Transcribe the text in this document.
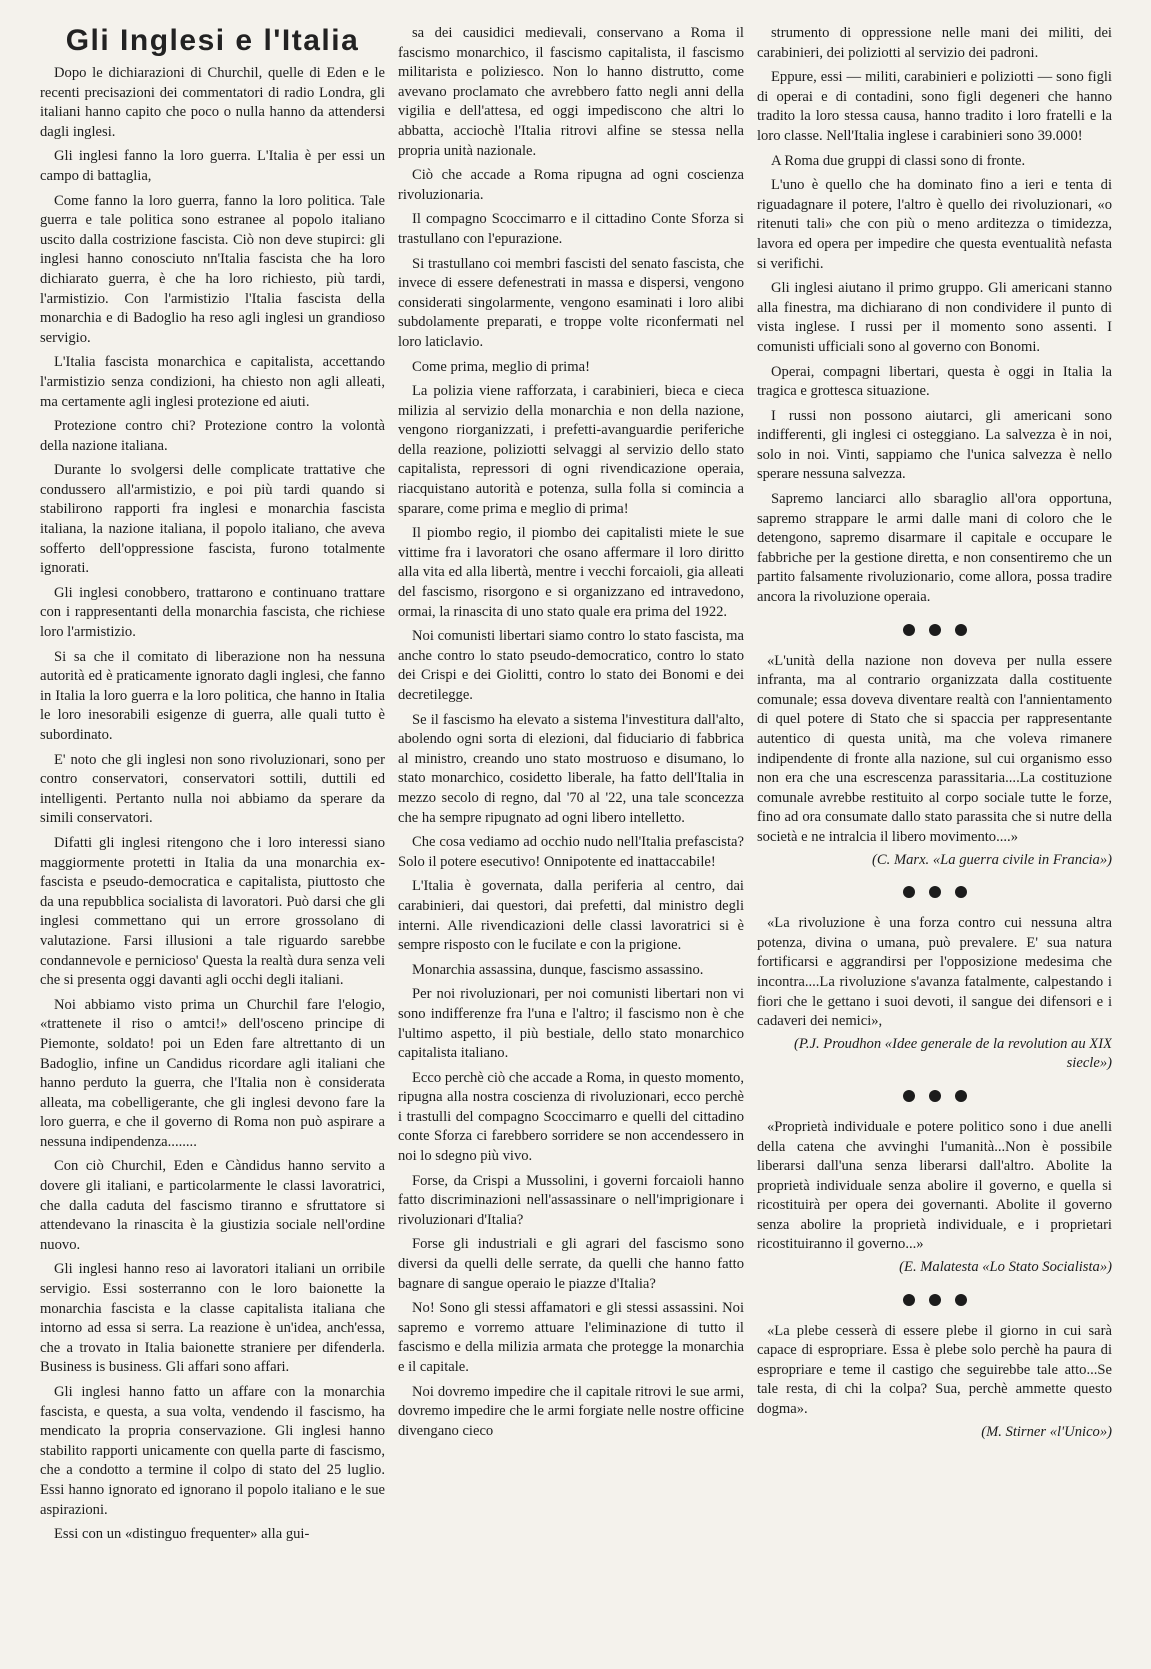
Gli Inglesi e l'Italia

Dopo le dichiarazioni di Churchil, quelle di Eden e le recenti precisazioni dei commentatori di radio Londra, gli italiani hanno capito che poco o nulla hanno da attendersi dagli inglesi.

Gli inglesi fanno la loro guerra. L'Italia è per essi un campo di battaglia,

Come fanno la loro guerra, fanno la loro politica. Tale guerra e tale politica sono estranee al popolo italiano uscito dalla costrizione fascista. Ciò non deve stupirci: gli inglesi hanno conosciuto nn'Italia fascista che ha loro dichiarato guerra, è che ha loro richiesto, più tardi, l'armistizio. Con l'armistizio l'Italia fascista della monarchia e di Badoglio ha reso agli inglesi un grandioso servigio.

L'Italia fascista monarchica e capitalista, accettando l'armistizio senza condizioni, ha chiesto non agli alleati, ma certamente agli inglesi protezione ed aiuti.

Protezione contro chi? Protezione contro la volontà della nazione italiana.

Durante lo svolgersi delle complicate trattative che condussero all'armistizio, e poi più tardi quando si stabilirono rapporti fra inglesi e monarchia fascista italiana, la nazione italiana, il popolo italiano, che aveva sofferto dell'oppressione fascista, furono totalmente ignorati.

Gli inglesi conobbero, trattarono e continuano trattare con i rappresentanti della monarchia fascista, che richiese loro l'armistizio.

Si sa che il comitato di liberazione non ha nessuna autorità ed è praticamente ignorato dagli inglesi, che fanno in Italia la loro guerra e la loro politica, che hanno in Italia le loro inesorabili esigenze di guerra, alle quali tutto è subordinato.

E' noto che gli inglesi non sono rivoluzionari, sono per contro conservatori, conservatori sottili, duttili ed intelligenti. Pertanto nulla noi abbiamo da sperare da simili conservatori.

Difatti gli inglesi ritengono che i loro interessi siano maggiormente protetti in Italia da una monarchia ex-fascista e pseudo-democratica e capitalista, piuttosto che da una repubblica socialista di lavoratori. Può darsi che gli inglesi commettano qui un errore grossolano di valutazione. Farsi illusioni a tale riguardo sarebbe condannevole e pernicioso' Questa la realtà dura senza veli che si presenta oggi davanti agli occhi degli italiani.

Noi abbiamo visto prima un Churchil fare l'elogio, «trattenete il riso o amtci!» dell'osceno principe di Piemonte, soldato! poi un Eden fare altrettanto di un Badoglio, infine un Candidus ricordare agli italiani che hanno perduto la guerra, che l'Italia non è considerata alleata, ma cobelligerante, che gli inglesi devono fare la loro guerra, e che il governo di Roma non può aspirare a nessuna indipendenza........

Con ciò Churchil, Eden e Càndidus hanno servito a dovere gli italiani, e particolarmente le classi lavoratrici, che dalla caduta del fascismo tiranno e sfruttatore si attendevano la rinascita è la giustizia sociale nell'ordine nuovo.

Gli inglesi hanno reso ai lavoratori italiani un orribile servigio. Essi sosterranno con le loro baionette la monarchia fascista e la classe capitalista italiana che intorno ad essa si serra. La reazione è un'idea, anch'essa, che a trovato in Italia baionette straniere per difenderla. Business is business. Gli affari sono affari.

Gli inglesi hanno fatto un affare con la monarchia fascista, e questa, a sua volta, vendendo il fascismo, ha mendicato la propria conservazione. Gli inglesi hanno stabilito rapporti unicamente con quella parte di fascismo, che a condotto a termine il colpo di stato del 25 luglio. Essi hanno ignorato ed ignorano il popolo italiano e le sue aspirazioni.

Essi con un «distinguo frequenter» alla gui-

sa dei causidici medievali, conservano a Roma il fascismo monarchico, il fascismo capitalista, il fascismo militarista e poliziesco. Non lo hanno distrutto, come avevano proclamato che avrebbero fatto negli anni della vigilia e dell'attesa, ed oggi impediscono che altri lo abbatta, acciochè l'Italia ritrovi alfine se stessa nella propria unità nazionale.

Ciò che accade a Roma ripugna ad ogni coscienza rivoluzionaria.

Il compagno Scoccimarro e il cittadino Conte Sforza si trastullano con l'epurazione.

Si trastullano coi membri fascisti del senato fascista, che invece di essere defenestrati in massa e dispersi, vengono considerati singolarmente, vengono esaminati i loro alibi subdolamente preparati, e troppe volte riconfermati nel loro laticlavio.

Come prima, meglio di prima!

La polizia viene rafforzata, i carabinieri, bieca e cieca milizia al servizio della monarchia e non della nazione, vengono riorganizzati, i prefetti-avanguardie periferiche della reazione, poliziotti selvaggi al servizio dello stato capitalista, repressori di ogni rivendicazione operaia, riacquistano autorità e potenza, sulla folla si comincia a sparare, come prima e meglio di prima!

Il piombo regio, il piombo dei capitalisti miete le sue vittime fra i lavoratori che osano affermare il loro diritto alla vita ed alla libertà, mentre i vecchi forcaioli, gia alleati del fascismo, risorgono e si organizzano ed intravedono, ormai, la rinascita di uno stato quale era prima del 1922.

Noi comunisti libertari siamo contro lo stato fascista, ma anche contro lo stato pseudo-democratico, contro lo stato dei Crispi e dei Giolitti, contro lo stato dei Bonomi e dei decretilegge.

Se il fascismo ha elevato a sistema l'investitura dall'alto, abolendo ogni sorta di elezioni, dal fiduciario di fabbrica al ministro, creando uno stato mostruoso e disumano, lo stato monarchico, cosidetto liberale, ha fatto dell'Italia in mezzo secolo di regno, dal '70 al '22, una tale sconcezza che ha sempre ripugnato ad ogni libero intelletto.

Che cosa vediamo ad occhio nudo nell'Italia prefascista? Solo il potere esecutivo! Onnipotente ed inattaccabile!

L'Italia è governata, dalla periferia al centro, dai carabinieri, dai questori, dai prefetti, dal ministro degli interni. Alle rivendicazioni delle classi lavoratrici si è sempre risposto con le fucilate e con la prigione.

Monarchia assassina, dunque, fascismo assassino.

Per noi rivoluzionari, per noi comunisti libertari non vi sono indifferenze fra l'una e l'altro; il fascismo non è che l'ultimo aspetto, il più bestiale, dello stato monarchico capitalista italiano.

Ecco perchè ciò che accade a Roma, in questo momento, ripugna alla nostra coscienza di rivoluzionari, ecco perchè i trastulli del compagno Scoccimarro e quelli del cittadino conte Sforza ci farebbero sorridere se non accendessero in noi lo sdegno più vivo.

Forse, da Crispi a Mussolini, i governi forcaioli hanno fatto discriminazioni nell'assassinare o nell'imprigionare i rivoluzionari d'Italia?

Forse gli industriali e gli agrari del fascismo sono diversi da quelli delle serrate, da quelli che hanno fatto bagnare di sangue operaio le piazze d'Italia?

No! Sono gli stessi affamatori e gli stessi assassini. Noi sapremo e vorremo attuare l'eliminazione di tutto il fascismo e della milizia armata che protegge la monarchia e il capitale.

Noi dovremo impedire che il capitale ritrovi le sue armi, dovremo impedire che le armi forgiate nelle nostre officine divengano cieco

strumento di oppressione nelle mani dei militi, dei carabinieri, dei poliziotti al servizio dei padroni.

Eppure, essi — militi, carabinieri e poliziotti — sono figli di operai e di contadini, sono figli degeneri che hanno tradito la loro stessa causa, hanno tradito i loro fratelli e la loro classe. Nell'Italia inglese i carabinieri sono 39.000!

A Roma due gruppi di classi sono di fronte.

L'uno è quello che ha dominato fino a ieri e tenta di riguadagnare il potere, l'altro è quello dei rivoluzionari, «o ritenuti tali» che con più o meno arditezza o timidezza, lavora ed opera per impedire che questa eventualità nefasta si verifichi.

Gli inglesi aiutano il primo gruppo. Gli americani stanno alla finestra, ma dichiarano di non condividere il punto di vista inglese. I russi per il momento sono assenti. I comunisti ufficiali sono al governo con Bonomi.

Operai, compagni libertari, questa è oggi in Italia la tragica e grottesca situazione.

I russi non possono aiutarci, gli americani sono indifferenti, gli inglesi ci osteggiano. La salvezza è in noi, solo in noi. Vinti, sappiamo che l'unica salvezza è nello sperare nessuna salvezza.

Sapremo lanciarci allo sbaraglio all'ora opportuna, sapremo strappare le armi dalle mani di coloro che le detengono, sapremo disarmare il capitale e occupare le fabbriche per la gestione diretta, e non consentiremo che un partito falsamente rivoluzionario, come allora, possa tradire ancora la rivoluzione operaia.

«L'unità della nazione non doveva per nulla essere infranta, ma al contrario organizzata dalla costituente comunale; essa doveva diventare realtà con l'annientamento di quel potere di Stato che si spaccia per rappresentante autentico di questa unità, ma che voleva rimanere indipendente di fronte alla nazione, sul cui organismo esso non era che una escrescenza parassitaria....La costituzione comunale avrebbe restituito al corpo sociale tutte le forze, fino ad ora consumate dallo stato parassita che si nutre della società e ne intralcia il libero movimento....»

(C. Marx. «La guerra civile in Francia»)

«La rivoluzione è una forza contro cui nessuna altra potenza, divina o umana, può prevalere. E' sua natura fortificarsi e aggrandirsi per l'opposizione medesima che incontra....La rivoluzione s'avanza fatalmente, calpestando i fiori che le gettano i suoi devoti, il sangue dei difensori e i cadaveri dei nemici»,

(P.J. Proudhon «Idee generale de la revolution au XIX siecle»)

«Proprietà individuale e potere politico sono i due anelli della catena che avvinghi l'umanità...Non è possibile liberarsi dall'una senza liberarsi dall'altro. Abolite la proprietà individuale senza abolire il governo, e quella si ricostituirà per opera dei governanti. Abolite il governo senza abolire la proprietà individuale, e i proprietari ricostituiranno il governo...»

(E. Malatesta «Lo Stato Socialista»)

«La plebe cesserà di essere plebe il giorno in cui sarà capace di espropriare. Essa è plebe solo perchè ha paura di espropriare e teme il castigo che seguirebbe tale atto...Se tale resta, di chi la colpa? Sua, perchè ammette questo dogma».

(M. Stirner «l'Unico»)
